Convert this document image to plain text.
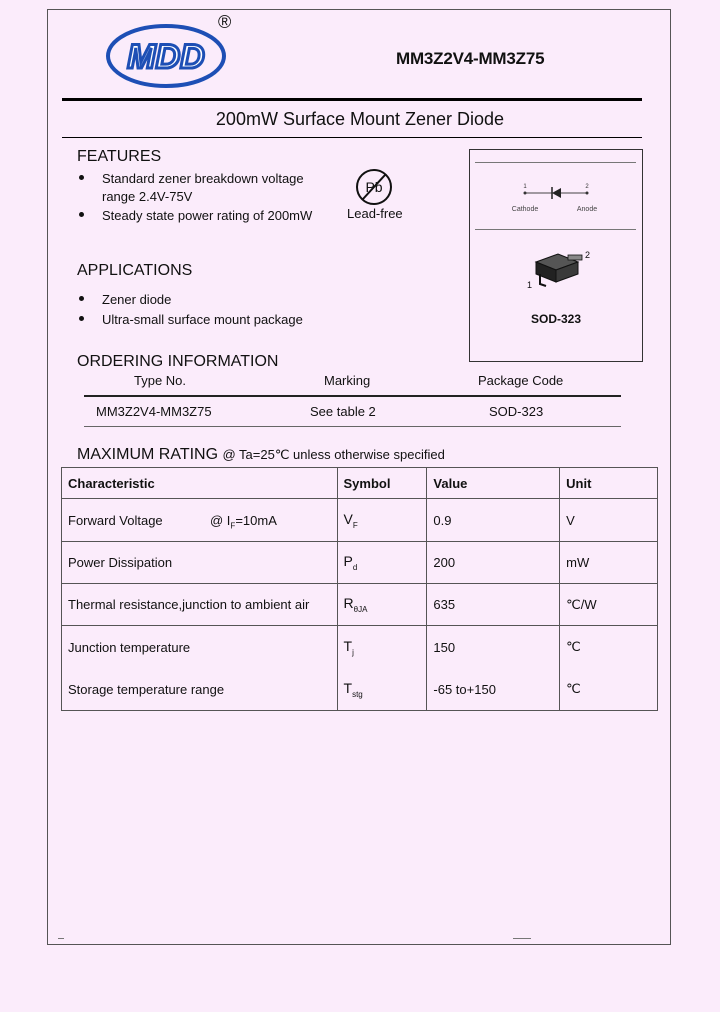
MDD
®
MM3Z2V4-MM3Z75
200mW Surface Mount Zener Diode
FEATURES
Standard zener breakdown voltage
range 2.4V-75V
Steady state power rating of 200mW
Pb
Lead-free
APPLICATIONS
Zener diode
Ultra-small surface mount package
1	2
Cathode	Anode
2
1
SOD-323
ORDERING INFORMATION
Type No.	Marking	Package Code
MM3Z2V4-MM3Z75	See table 2	SOD-323
MAXIMUM RATING @ Ta=25℃ unless otherwise specified
Characteristic	Symbol	Value	Unit
Forward Voltage @ $I_F=10mA$	$V_F$	0.9	V
Power Dissipation	$P_d$	200	mW
Thermal resistance,junction to ambient air	$R_{\theta JA}$	635	℃/W
Junction temperature	$T_j$	150	℃
Storage temperature range	$T_{stg}$	-65 to+150	℃
